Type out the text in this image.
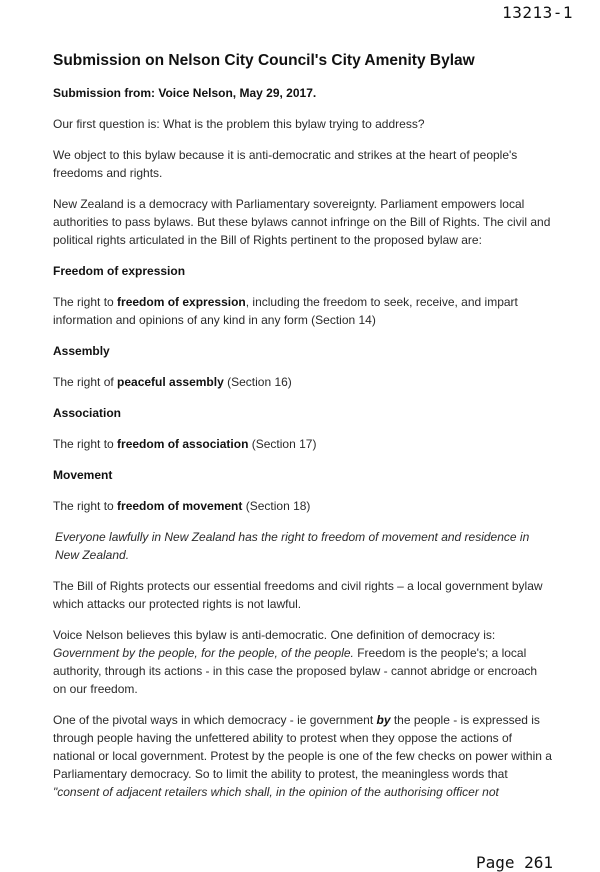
13213-1
Submission on Nelson City Council's City Amenity Bylaw
Submission from: Voice Nelson, May 29, 2017.

Our first question is: What is the problem this bylaw trying to address?

We object to this bylaw because it is anti-democratic and strikes at the heart of people's freedoms and rights.

New Zealand is a democracy with Parliamentary sovereignty. Parliament empowers local authorities to pass bylaws. But these bylaws cannot infringe on the Bill of Rights. The civil and political rights articulated in the Bill of Rights pertinent to the proposed bylaw are:

Freedom of expression

The right to freedom of expression, including the freedom to seek, receive, and impart information and opinions of any kind in any form (Section 14)

Assembly

The right of peaceful assembly (Section 16)

Association

The right to freedom of association (Section 17)

Movement

The right to freedom of movement (Section 18)

Everyone lawfully in New Zealand has the right to freedom of movement and residence in New Zealand.

The Bill of Rights protects our essential freedoms and civil rights – a local government bylaw which attacks our protected rights is not lawful.

Voice Nelson believes this bylaw is anti-democratic. One definition of democracy is: Government by the people, for the people, of the people. Freedom is the people's; a local authority, through its actions - in this case the proposed bylaw - cannot abridge or encroach on our freedom.

One of the pivotal ways in which democracy - ie government by the people - is expressed is through people having the unfettered ability to protest when they oppose the actions of national or local government. Protest by the people is one of the few checks on power within a Parliamentary democracy. So to limit the ability to protest, the meaningless words that "consent of adjacent retailers which shall, in the opinion of the authorising officer not

Page 261
